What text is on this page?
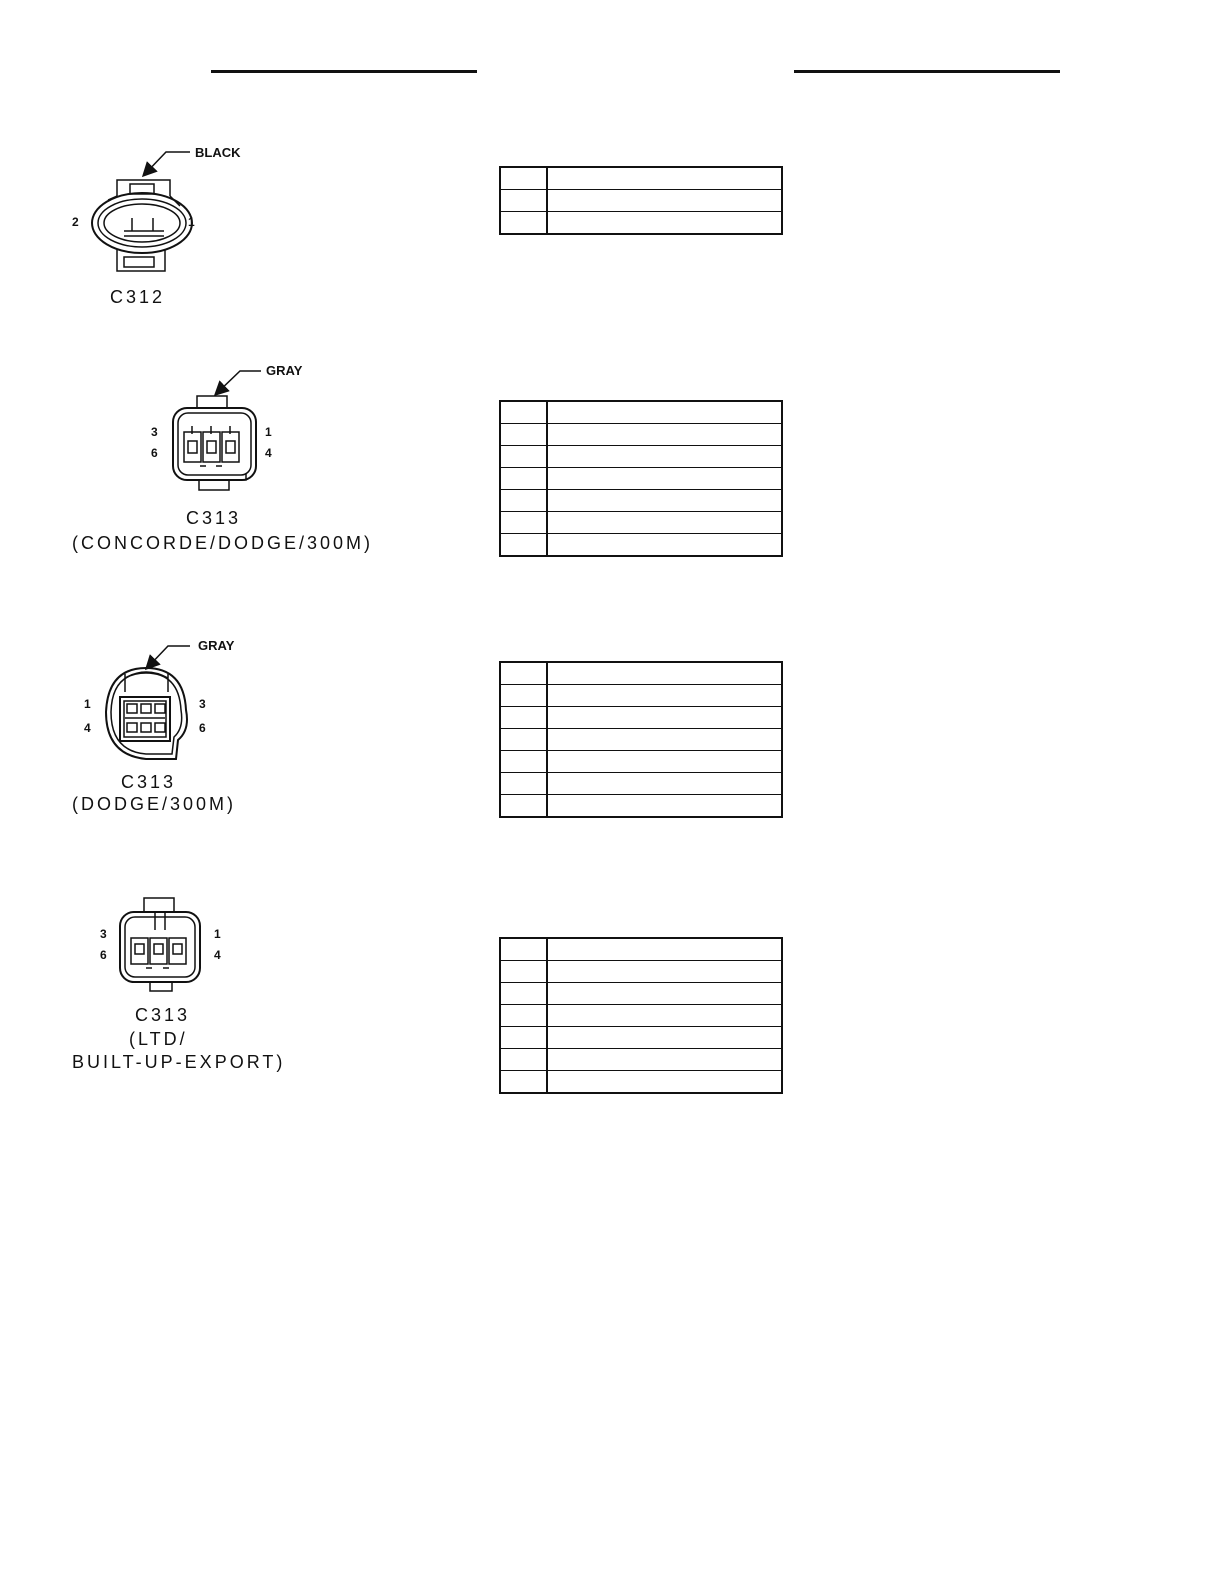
BLACK
2	1
C312
GRAY
3
6
1
4
C313
(CONCORDE/DODGE/300M)
GRAY
1
4
3
6
C313
(DODGE/300M)
3
6
1
4
C313
(LTD/
BUILT-UP-EXPORT)
